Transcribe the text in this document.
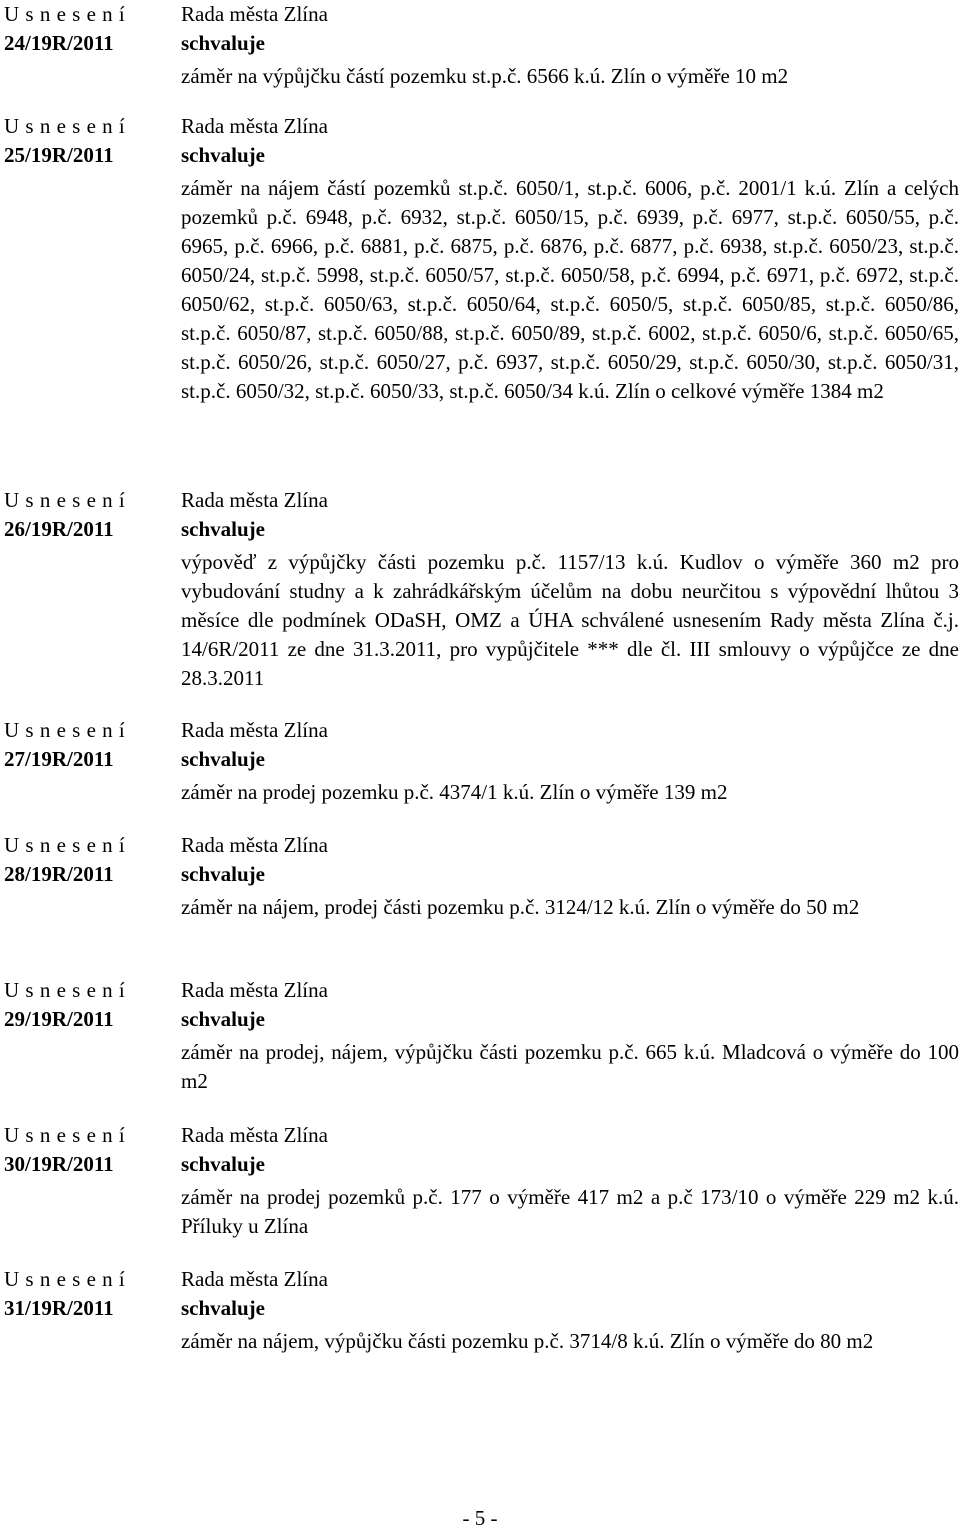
U s n e s e n í
24/19R/2011
Rada města Zlína
schvaluje
záměr na výpůjčku částí pozemku st.p.č. 6566 k.ú. Zlín o výměře 10 m2
U s n e s e n í
25/19R/2011
Rada města Zlína
schvaluje
záměr na nájem částí pozemků st.p.č. 6050/1, st.p.č. 6006, p.č. 2001/1 k.ú. Zlín a celých pozemků p.č. 6948, p.č. 6932, st.p.č. 6050/15, p.č. 6939, p.č. 6977, st.p.č. 6050/55, p.č. 6965, p.č. 6966, p.č. 6881, p.č. 6875, p.č. 6876, p.č. 6877, p.č. 6938, st.p.č. 6050/23, st.p.č. 6050/24, st.p.č. 5998, st.p.č. 6050/57, st.p.č. 6050/58, p.č. 6994, p.č. 6971, p.č. 6972, st.p.č. 6050/62, st.p.č. 6050/63, st.p.č. 6050/64, st.p.č. 6050/5, st.p.č. 6050/85, st.p.č. 6050/86, st.p.č. 6050/87, st.p.č. 6050/88, st.p.č. 6050/89, st.p.č. 6002, st.p.č. 6050/6, st.p.č. 6050/65, st.p.č. 6050/26, st.p.č. 6050/27, p.č. 6937, st.p.č. 6050/29, st.p.č. 6050/30, st.p.č. 6050/31, st.p.č. 6050/32, st.p.č. 6050/33, st.p.č. 6050/34 k.ú. Zlín o celkové výměře 1384 m2
U s n e s e n í
26/19R/2011
Rada města Zlína
schvaluje
výpověď z výpůjčky části pozemku p.č. 1157/13 k.ú. Kudlov o výměře 360 m2 pro vybudování studny a k zahrádkářským účelům na dobu neurčitou s výpovědní lhůtou 3 měsíce dle podmínek ODaSH, OMZ a ÚHA schválené usnesením Rady města Zlína č.j. 14/6R/2011 ze dne 31.3.2011, pro vypůjčitele *** dle čl. III smlouvy o výpůjčce ze dne 28.3.2011
U s n e s e n í
27/19R/2011
Rada města Zlína
schvaluje
záměr na prodej pozemku p.č. 4374/1 k.ú. Zlín o výměře 139 m2
U s n e s e n í
28/19R/2011
Rada města Zlína
schvaluje
záměr na nájem, prodej části pozemku p.č. 3124/12 k.ú. Zlín o výměře do 50 m2
U s n e s e n í
29/19R/2011
Rada města Zlína
schvaluje
záměr na prodej, nájem, výpůjčku části pozemku p.č. 665 k.ú. Mladcová o výměře do 100 m2
U s n e s e n í
30/19R/2011
Rada města Zlína
schvaluje
záměr na prodej pozemků p.č. 177 o výměře 417 m2 a p.č 173/10 o výměře 229 m2 k.ú. Příluky u Zlína
U s n e s e n í
31/19R/2011
Rada města Zlína
schvaluje
záměr na nájem, výpůjčku části pozemku p.č. 3714/8 k.ú. Zlín o výměře do 80 m2
- 5 -
